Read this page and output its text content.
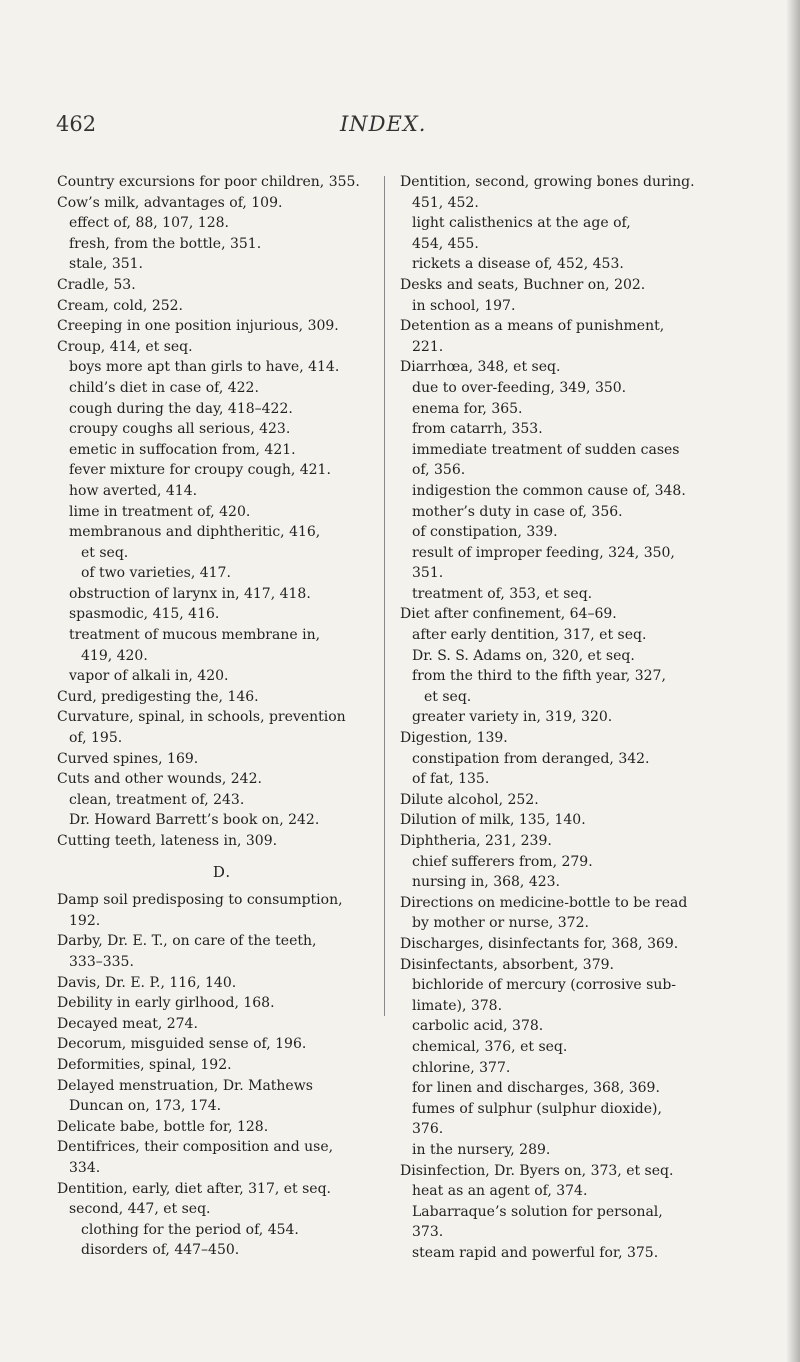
462	INDEX.
Country excursions for poor children, 355.
Cow’s milk, advantages of, 109.
effect of, 88, 107, 128.
fresh, from the bottle, 351.
stale, 351.
Cradle, 53.
Cream, cold, 252.
Creeping in one position injurious, 309.
Croup, 414, et seq.
boys more apt than girls to have, 414.
child’s diet in case of, 422.
cough during the day, 418–422.
croupy coughs all serious, 423.
emetic in suffocation from, 421.
fever mixture for croupy cough, 421.
how averted, 414.
lime in treatment of, 420.
membranous and diphtheritic, 416,
et seq.
of two varieties, 417.
obstruction of larynx in, 417, 418.
spasmodic, 415, 416.
treatment of mucous membrane in,
419, 420.
vapor of alkali in, 420.
Curd, predigesting the, 146.
Curvature, spinal, in schools, prevention
of, 195.
Curved spines, 169.
Cuts and other wounds, 242.
clean, treatment of, 243.
Dr. Howard Barrett’s book on, 242.
Cutting teeth, lateness in, 309.
D.
Damp soil predisposing to consumption,
192.
Darby, Dr. E. T., on care of the teeth,
333–335.
Davis, Dr. E. P., 116, 140.
Debility in early girlhood, 168.
Decayed meat, 274.
Decorum, misguided sense of, 196.
Deformities, spinal, 192.
Delayed menstruation, Dr. Mathews
Duncan on, 173, 174.
Delicate babe, bottle for, 128.
Dentifrices, their composition and use,
334.
Dentition, early, diet after, 317, et seq.
second, 447, et seq.
clothing for the period of, 454.
disorders of, 447–450.
Dentition, second, growing bones during.
451, 452.
light calisthenics at the age of,
454, 455.
rickets a disease of, 452, 453.
Desks and seats, Buchner on, 202.
in school, 197.
Detention as a means of punishment,
221.
Diarrhœa, 348, et seq.
due to over-feeding, 349, 350.
enema for, 365.
from catarrh, 353.
immediate treatment of sudden cases
of, 356.
indigestion the common cause of, 348.
mother’s duty in case of, 356.
of constipation, 339.
result of improper feeding, 324, 350,
351.
treatment of, 353, et seq.
Diet after confinement, 64–69.
after early dentition, 317, et seq.
Dr. S. S. Adams on, 320, et seq.
from the third to the fifth year, 327,
et seq.
greater variety in, 319, 320.
Digestion, 139.
constipation from deranged, 342.
of fat, 135.
Dilute alcohol, 252.
Dilution of milk, 135, 140.
Diphtheria, 231, 239.
chief sufferers from, 279.
nursing in, 368, 423.
Directions on medicine-bottle to be read
by mother or nurse, 372.
Discharges, disinfectants for, 368, 369.
Disinfectants, absorbent, 379.
bichloride of mercury (corrosive sub-
limate), 378.
carbolic acid, 378.
chemical, 376, et seq.
chlorine, 377.
for linen and discharges, 368, 369.
fumes of sulphur (sulphur dioxide),
376.
in the nursery, 289.
Disinfection, Dr. Byers on, 373, et seq.
heat as an agent of, 374.
Labarraque’s solution for personal,
373.
steam rapid and powerful for, 375.
